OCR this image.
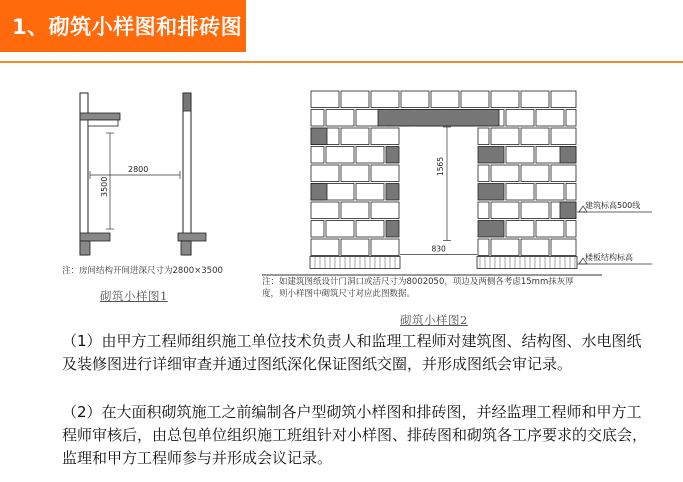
1、砌筑小样图和排砖图
2800
3500
注：房间结构开间进深尺寸为2800×3500
砌筑小样图1
1565
830
建筑标高500线
楼板结构标高
注：如建筑图纸设计门洞口或活尺寸为8002050，项边及两侧各考虑15mm抹灰厚
度，则小样图中砌筑尺寸对应此图数据。
砌筑小样图2
（1）由甲方工程师组织施工单位技术负责人和监理工程师对建筑图、结构图、水电图纸及装修图进行详细审查并通过图纸深化保证图纸交圈，并形成图纸会审记录。
（2）在大面积砌筑施工之前编制各户型砌筑小样图和排砖图，并经监理工程师和甲方工程师审核后，由总包单位组织施工班组针对小样图、排砖图和砌筑各工序要求的交底会，监理和甲方工程师参与并形成会议记录。
